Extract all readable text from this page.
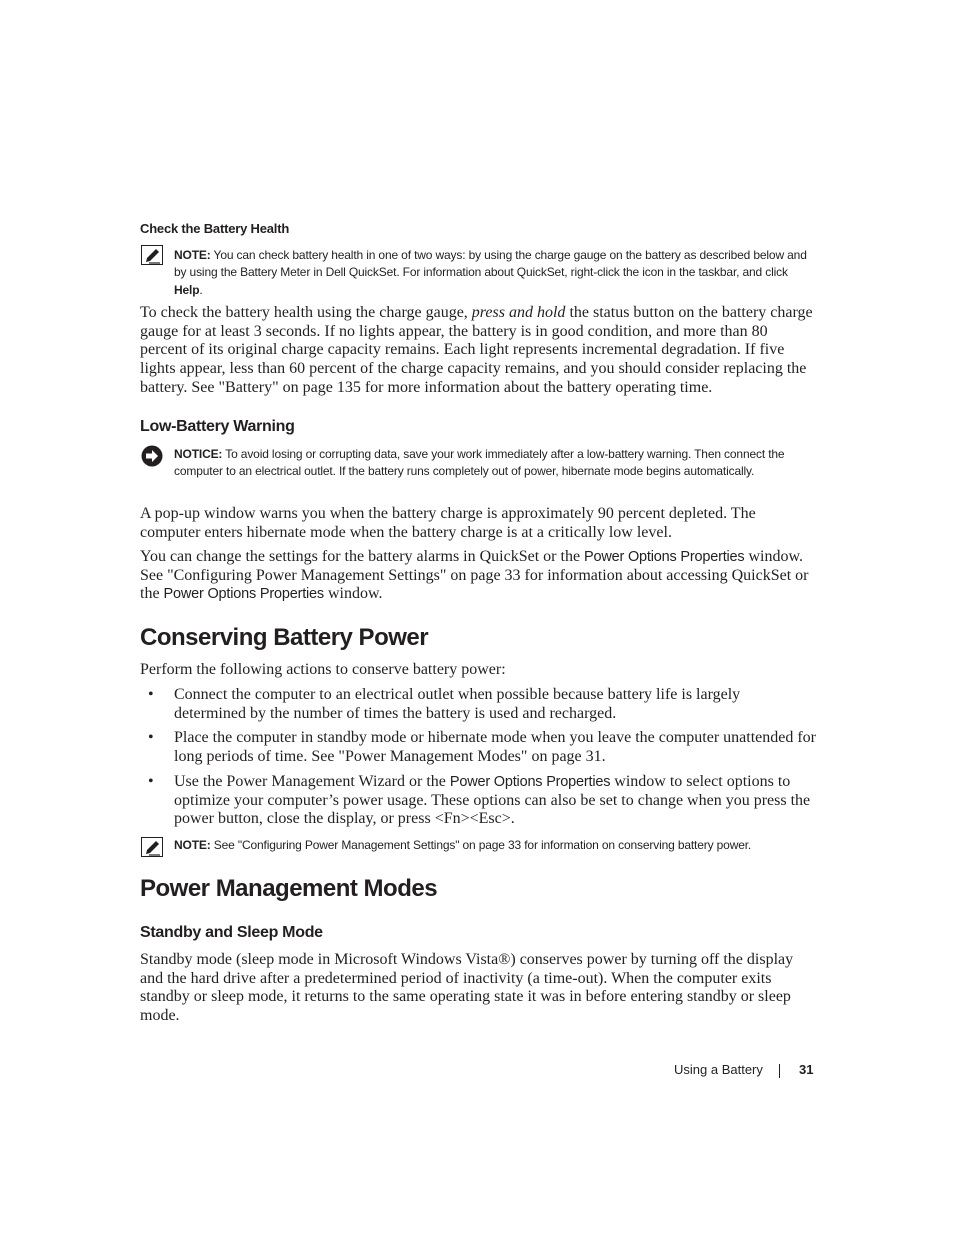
Check the Battery Health
NOTE: You can check battery health in one of two ways: by using the charge gauge on the battery as described below and by using the Battery Meter in Dell QuickSet. For information about QuickSet, right-click the icon in the taskbar, and click Help.
To check the battery health using the charge gauge, press and hold the status button on the battery charge gauge for at least 3 seconds. If no lights appear, the battery is in good condition, and more than 80 percent of its original charge capacity remains. Each light represents incremental degradation. If five lights appear, less than 60 percent of the charge capacity remains, and you should consider replacing the battery. See "Battery" on page 135 for more information about the battery operating time.
Low-Battery Warning
NOTICE: To avoid losing or corrupting data, save your work immediately after a low-battery warning. Then connect the computer to an electrical outlet. If the battery runs completely out of power, hibernate mode begins automatically.
A pop-up window warns you when the battery charge is approximately 90 percent depleted. The computer enters hibernate mode when the battery charge is at a critically low level.
You can change the settings for the battery alarms in QuickSet or the Power Options Properties window. See "Configuring Power Management Settings" on page 33 for information about accessing QuickSet or the Power Options Properties window.
Conserving Battery Power
Perform the following actions to conserve battery power:
• Connect the computer to an electrical outlet when possible because battery life is largely determined by the number of times the battery is used and recharged.
• Place the computer in standby mode or hibernate mode when you leave the computer unattended for long periods of time. See "Power Management Modes" on page 31.
• Use the Power Management Wizard or the Power Options Properties window to select options to optimize your computer’s power usage. These options can also be set to change when you press the power button, close the display, or press <Fn><Esc>.
NOTE: See "Configuring Power Management Settings" on page 33 for information on conserving battery power.
Power Management Modes
Standby and Sleep Mode
Standby mode (sleep mode in Microsoft Windows Vista®) conserves power by turning off the display and the hard drive after a predetermined period of inactivity (a time-out). When the computer exits standby or sleep mode, it returns to the same operating state it was in before entering standby or sleep mode.
Using a Battery	31
